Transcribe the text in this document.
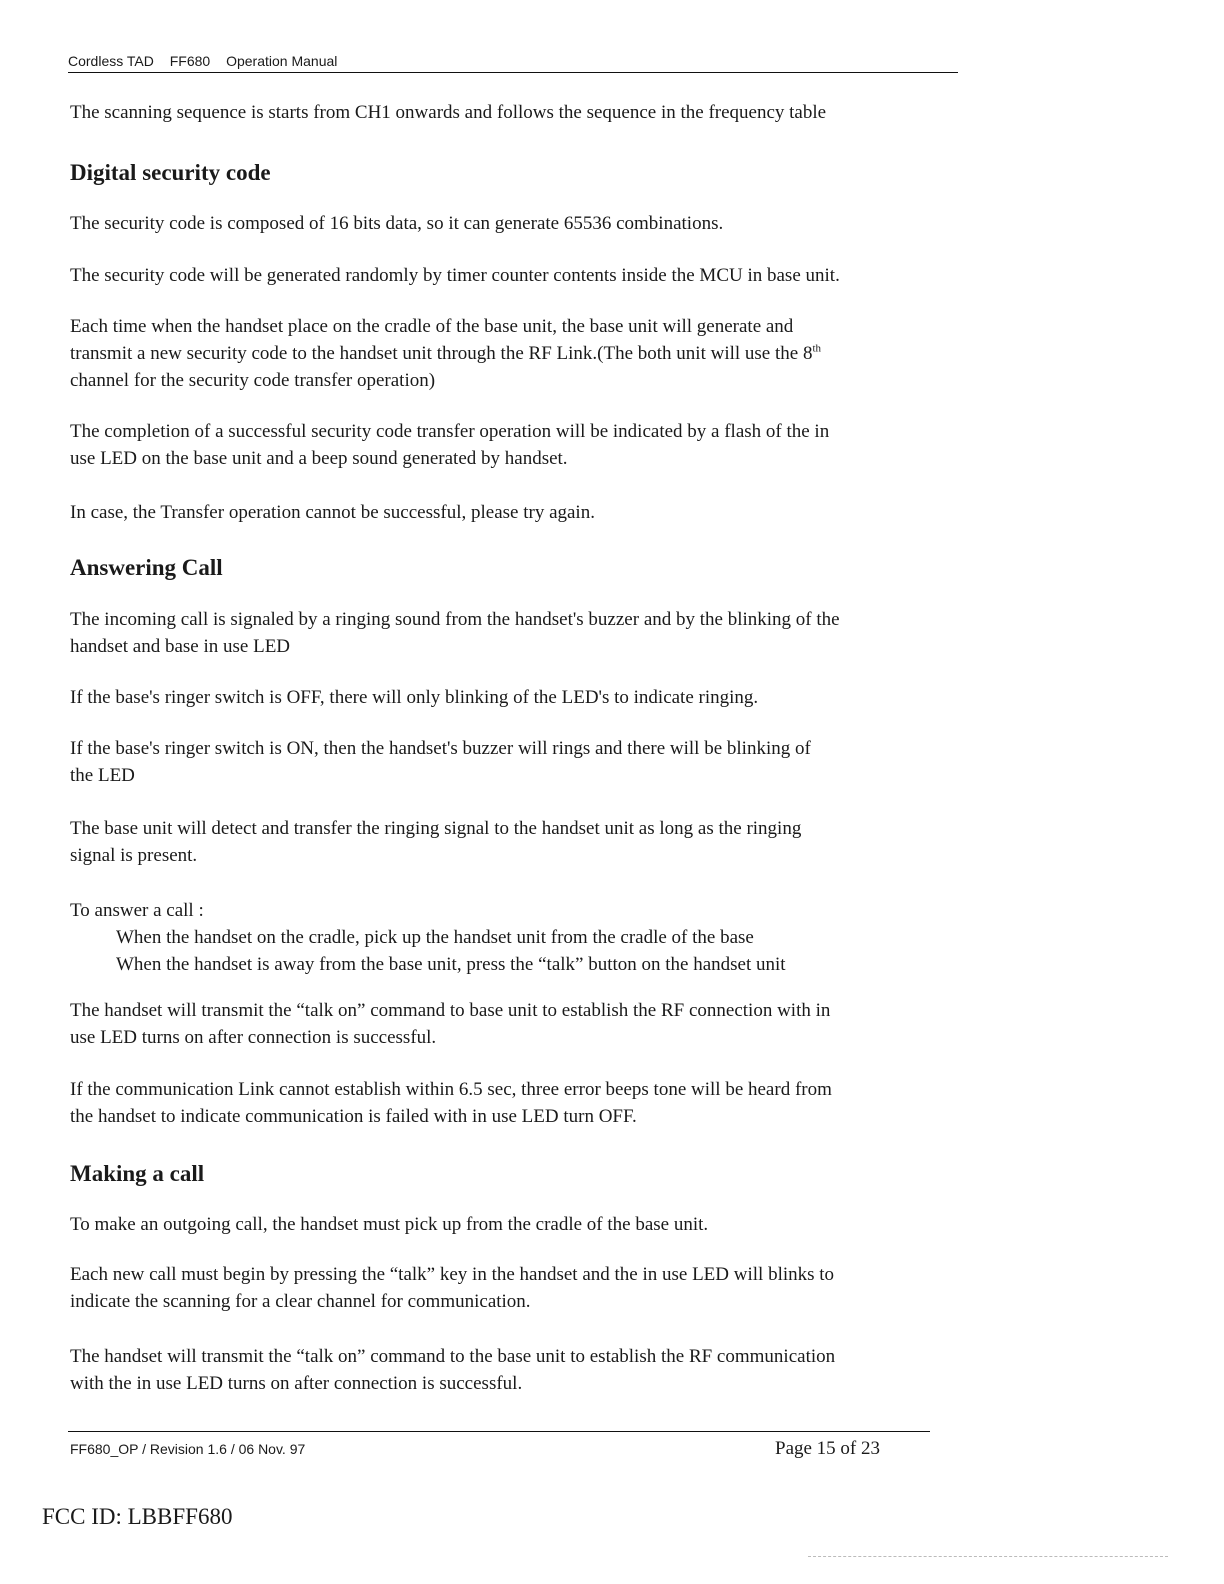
Cordless TAD FF680 Operation Manual
The scanning sequence is starts from CH1 onwards and follows the sequence in the frequency table
Digital security code
The security code is composed of 16 bits data, so it can generate 65536 combinations.
The security code will be generated randomly by timer counter contents inside the MCU in base unit.
Each time when the handset place on the cradle of the base unit, the base unit will generate and
transmit a new security code to the handset unit through the RF Link.(The both unit will use the 8th
channel for the security code transfer operation)
The completion of a successful security code transfer operation will be indicated by a flash of the in
use LED on the base unit and a beep sound generated by handset.
In case, the Transfer operation cannot be successful, please try again.
Answering Call
The incoming call is signaled by a ringing sound from the handset's buzzer and by the blinking of the
handset and base in use LED
If the base's ringer switch is OFF, there will only blinking of the LED's to indicate ringing.
If the base's ringer switch is ON, then the handset's buzzer will rings and there will be blinking of
the LED
The base unit will detect and transfer the ringing signal to the handset unit as long as the ringing
signal is present.
To answer a call :
When the handset on the cradle, pick up the handset unit from the cradle of the base
When the handset is away from the base unit, press the “talk” button on the handset unit
The handset will transmit the “talk on” command to base unit to establish the RF connection with in
use LED turns on after connection is successful.
If the communication Link cannot establish within 6.5 sec, three error beeps tone will be heard from
the handset to indicate communication is failed with in use LED turn OFF.
Making a call
To make an outgoing call, the handset must pick up from the cradle of the base unit.
Each new call must begin by pressing the “talk” key in the handset and the in use LED will blinks to
indicate the scanning for a clear channel for communication.
The handset will transmit the “talk on” command to the base unit to establish the RF communication
with the in use LED turns on after connection is successful.
FF680_OP / Revision 1.6 / 06 Nov. 97	Page 15 of 23
FCC ID: LBBFF680
